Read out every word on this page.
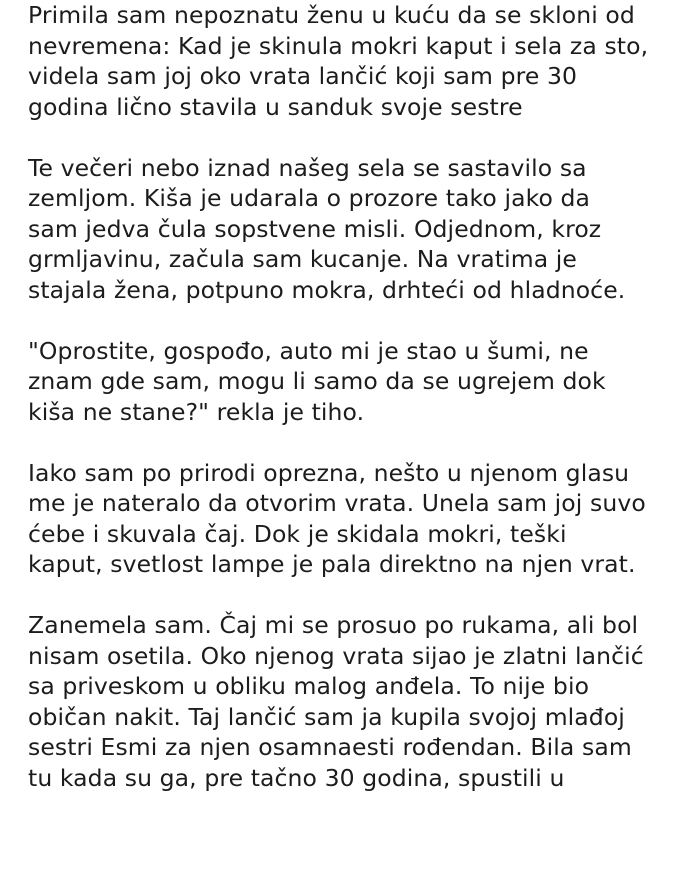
Primila sam nepoznatu ženu u kuću da se skloni od
nevremena: Kad je skinula mokri kaput i sela za sto,
videla sam joj oko vrata lančić koji sam pre 30
godina lično stavila u sanduk svoje sestre

Te večeri nebo iznad našeg sela se sastavilo sa
zemljom. Kiša je udarala o prozore tako jako da
sam jedva čula sopstvene misli. Odjednom, kroz
grmljavinu, začula sam kucanje. Na vratima je
stajala žena, potpuno mokra, drhteći od hladnoće.

"Oprostite, gospođo, auto mi je stao u šumi, ne
znam gde sam, mogu li samo da se ugrejem dok
kiša ne stane?" rekla je tiho.

Iako sam po prirodi oprezna, nešto u njenom glasu
me je nateralo da otvorim vrata. Unela sam joj suvo
ćebe i skuvala čaj. Dok je skidala mokri, teški
kaput, svetlost lampe je pala direktno na njen vrat.

Zanemela sam. Čaj mi se prosuo po rukama, ali bol
nisam osetila. Oko njenog vrata sijao je zlatni lančić
sa priveskom u obliku malog anđela. To nije bio
običan nakit. Taj lančić sam ja kupila svojoj mlađoj
sestri Esmi za njen osamnaesti rođendan. Bila sam
tu kada su ga, pre tačno 30 godina, spustili u
